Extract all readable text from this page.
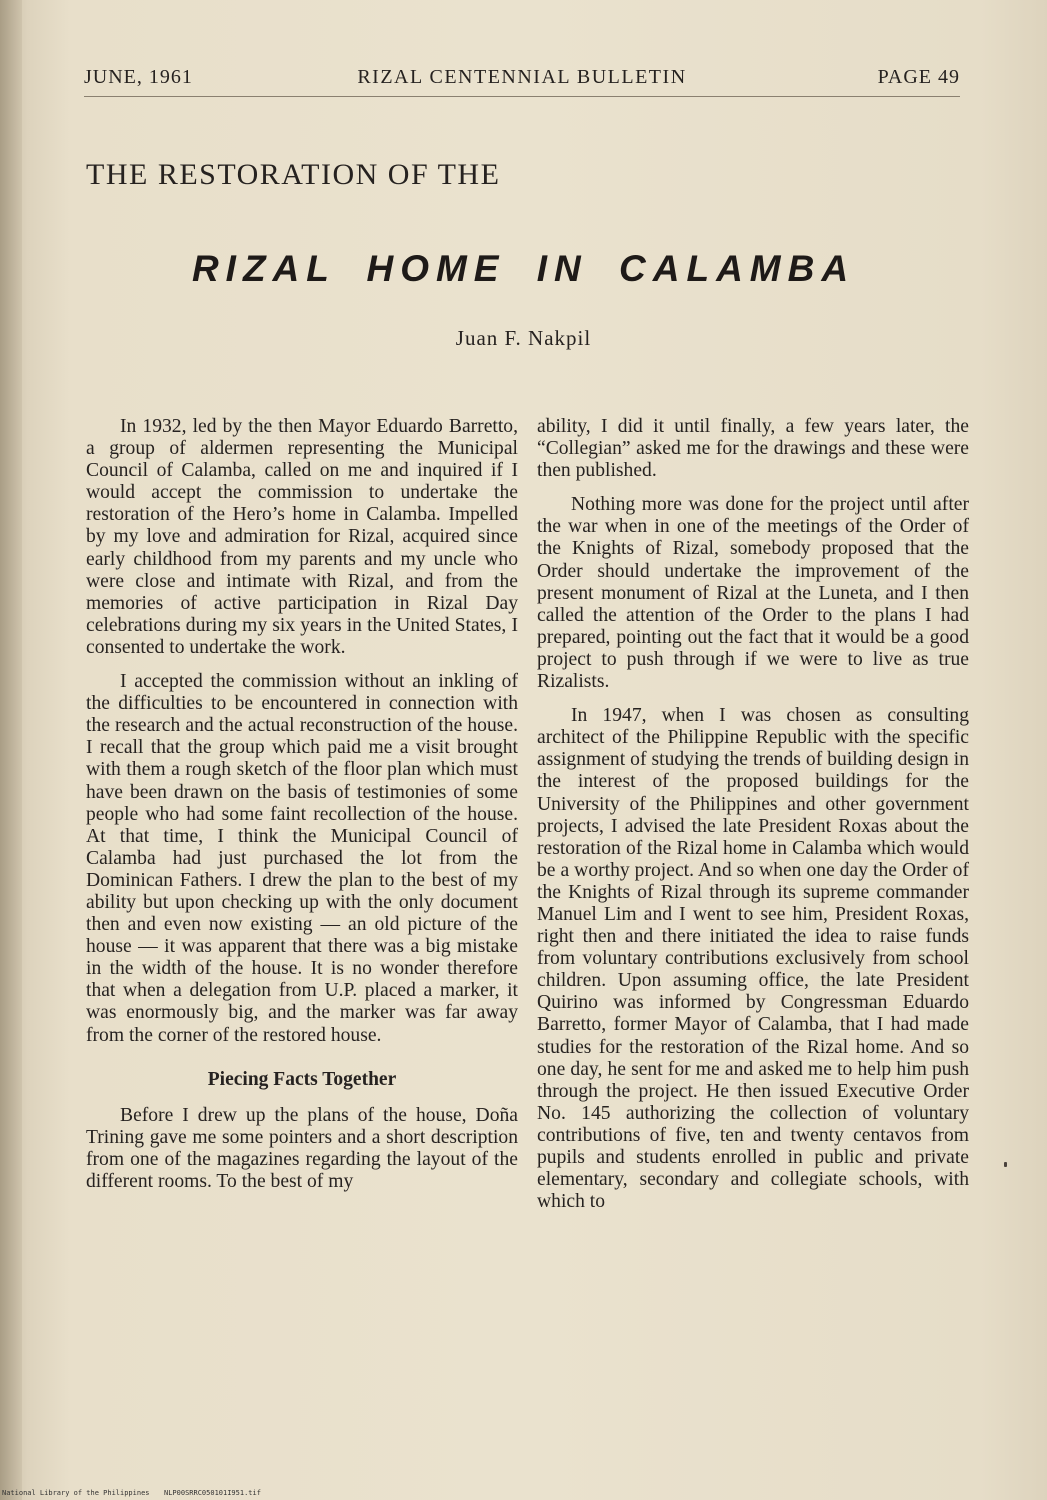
JUNE, 1961	RIZAL CENTENNIAL BULLETIN	PAGE 49
THE RESTORATION OF THE
RIZAL HOME IN CALAMBA
Juan F. Nakpil

In 1932, led by the then Mayor Eduardo Barretto, a group of aldermen representing the Municipal Council of Calamba, called on me and inquired if I would accept the commission to undertake the restoration of the Hero’s home in Calamba. Impelled by my love and admiration for Rizal, acquired since early childhood from my parents and my uncle who were close and intimate with Rizal, and from the memories of active participation in Rizal Day celebrations during my six years in the United States, I consented to undertake the work.

I accepted the commission without an inkling of the difficulties to be encountered in connection with the research and the actual reconstruction of the house. I recall that the group which paid me a visit brought with them a rough sketch of the floor plan which must have been drawn on the basis of testimonies of some people who had some faint recollection of the house. At that time, I think the Municipal Council of Calamba had just purchased the lot from the Dominican Fathers. I drew the plan to the best of my ability but upon checking up with the only document then and even now existing — an old picture of the house — it was apparent that there was a big mistake in the width of the house. It is no wonder therefore that when a delegation from U.P. placed a marker, it was enormously big, and the marker was far away from the corner of the restored house.

Piecing Facts Together

Before I drew up the plans of the house, Doña Trining gave me some pointers and a short description from one of the magazines regarding the layout of the different rooms. To the best of my

ability, I did it until finally, a few years later, the “Collegian” asked me for the drawings and these were then published.

Nothing more was done for the project until after the war when in one of the meetings of the Order of the Knights of Rizal, somebody proposed that the Order should undertake the improvement of the present monument of Rizal at the Luneta, and I then called the attention of the Order to the plans I had prepared, pointing out the fact that it would be a good project to push through if we were to live as true Rizalists.

In 1947, when I was chosen as consulting architect of the Philippine Republic with the specific assignment of studying the trends of building design in the interest of the proposed buildings for the University of the Philippines and other government projects, I advised the late President Roxas about the restoration of the Rizal home in Calamba which would be a worthy project. And so when one day the Order of the Knights of Rizal through its supreme commander Manuel Lim and I went to see him, President Roxas, right then and there initiated the idea to raise funds from voluntary contributions exclusively from school children. Upon assuming office, the late President Quirino was informed by Congressman Eduardo Barretto, former Mayor of Calamba, that I had made studies for the restoration of the Rizal home. And so one day, he sent for me and asked me to help him push through the project. He then issued Executive Order No. 145 authorizing the collection of voluntary contributions of five, ten and twenty centavos from pupils and students enrolled in public and private elementary, secondary and collegiate schools, with which to

National Library of the Philippines NLP00SRRC050101I951.tif
